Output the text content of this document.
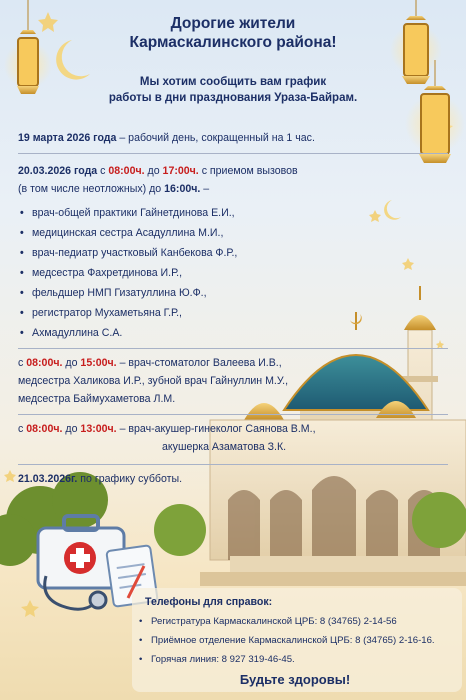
Дорогие жители
Кармаскалинского района!
Мы хотим сообщить вам график
работы в дни празднования Ураза-Байрам.
19 марта 2026 года – рабочий день, сокращенный на 1 час.
20.03.2026 года с 08:00ч. до 17:00ч. с приемом вызовов
(в том числе неотложных) до 16:00ч. –
• врач-общей практики Гайнетдинова Е.И.,
• медицинская сестра Асадуллина М.И.,
• врач-педиатр участковый Канбекова Ф.Р.,
• медсестра Фахретдинова И.Р.,
• фельдшер НМП Гизатуллина Ю.Ф.,
• регистратор Мухаметьяна Г.Р.,
• Ахмадуллина С.А.
с 08:00ч. до 15:00ч. – врач-стоматолог Валеева И.В.,
медсестра Халикова И.Р., зубной врач Гайнуллин М.У.,
медсестра Баймухаметова Л.М.
с 08:00ч. до 13:00ч. – врач-акушер-гинеколог Саянова В.М.,
акушерка Азаматова З.К.
21.03.2026г. по графику субботы.
Телефоны для справок:
• Регистратура Кармаскалинской ЦРБ: 8 (34765) 2-14-56
• Приёмное отделение Кармаскалинской ЦРБ: 8 (34765) 2-16-16.
• Горячая линия: 8 927 319-46-45.
Будьте здоровы!
